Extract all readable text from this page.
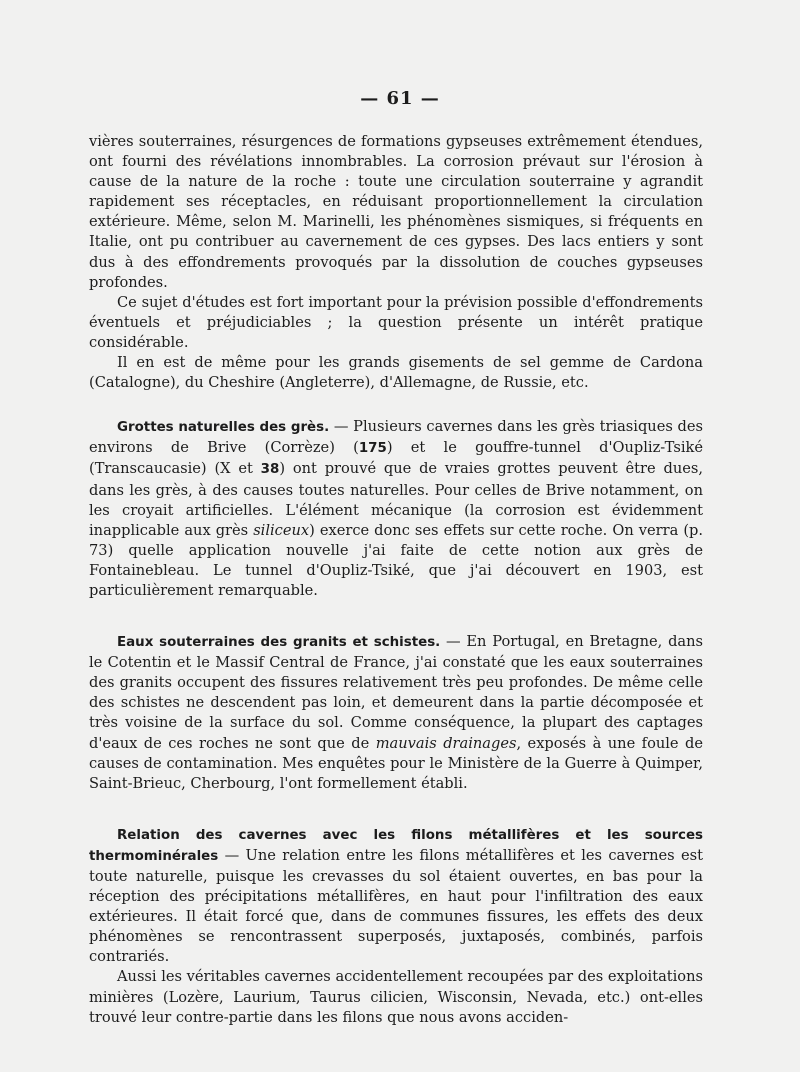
— 61 —

vières souterraines, résurgences de formations gypseuses extrêmement étendues, ont fourni des révélations innombrables. La corrosion prévaut sur l'érosion à cause de la nature de la roche : toute une circulation souterraine y agrandit rapidement ses réceptacles, en réduisant proportionnellement la circulation extérieure. Même, selon M. Marinelli, les phénomènes sismiques, si fréquents en Italie, ont pu contribuer au cavernement de ces gypses. Des lacs entiers y sont dus à des effondrements provoqués par la dissolution de couches gypseuses profondes.

Ce sujet d'études est fort important pour la prévision possible d'effondrements éventuels et préjudiciables ; la question présente un intérêt pratique considérable.

Il en est de même pour les grands gisements de sel gemme de Cardona (Catalogne), du Cheshire (Angleterre), d'Allemagne, de Russie, etc.

Grottes naturelles des grès. — Plusieurs cavernes dans les grès triasiques des environs de Brive (Corrèze) (175) et le gouffre-tunnel d'Oupliz-Tsiké (Transcaucasie) (X et 38) ont prouvé que de vraies grottes peuvent être dues, dans les grès, à des causes toutes naturelles. Pour celles de Brive notamment, on les croyait artificielles. L'élément mécanique (la corrosion est évidemment inapplicable aux grès siliceux) exerce donc ses effets sur cette roche. On verra (p. 73) quelle application nouvelle j'ai faite de cette notion aux grès de Fontainebleau. Le tunnel d'Oupliz-Tsiké, que j'ai découvert en 1903, est particulièrement remarquable.

Eaux souterraines des granits et schistes. — En Portugal, en Bretagne, dans le Cotentin et le Massif Central de France, j'ai constaté que les eaux souterraines des granits occupent des fissures relativement très peu profondes. De même celle des schistes ne descendent pas loin, et demeurent dans la partie décomposée et très voisine de la surface du sol. Comme conséquence, la plupart des captages d'eaux de ces roches ne sont que de mauvais drainages, exposés à une foule de causes de contamination. Mes enquêtes pour le Ministère de la Guerre à Quimper, Saint-Brieuc, Cherbourg, l'ont formellement établi.

Relation des cavernes avec les filons métallifères et les sources thermominérales — Une relation entre les filons métallifères et les cavernes est toute naturelle, puisque les crevasses du sol étaient ouvertes, en bas pour la réception des précipitations métallifères, en haut pour l'infiltration des eaux extérieures. Il était forcé que, dans de communes fissures, les effets des deux phénomènes se rencontrassent superposés, juxtaposés, combinés, parfois contrariés.

Aussi les véritables cavernes accidentellement recoupées par des exploitations minières (Lozère, Laurium, Taurus cilicien, Wisconsin, Nevada, etc.) ont-elles trouvé leur contre-partie dans les filons que nous avons acciden-
